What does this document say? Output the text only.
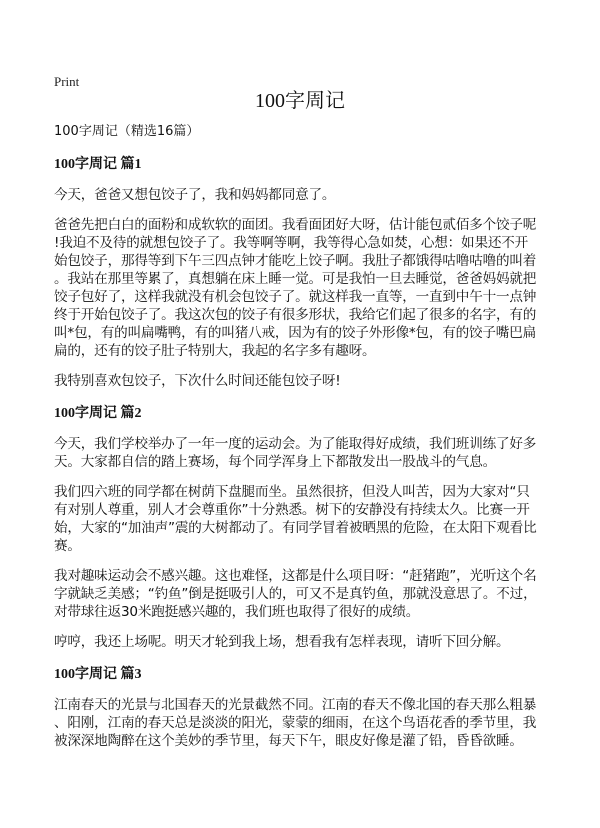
Print
100字周记
100字周记（精选16篇）
100字周记 篇1
今天，爸爸又想包饺子了，我和妈妈都同意了。
爸爸先把白白的面粉和成软软的面团。我看面团好大呀，估计能包贰佰多个饺子呢
!我迫不及待的就想包饺子了。我等啊等啊，我等得心急如焚，心想：如果还不开
始包饺子，那得等到下午三四点钟才能吃上饺子啊。我肚子都饿得咕噜咕噜的叫着
。我站在那里等累了，真想躺在床上睡一觉。可是我怕一旦去睡觉，爸爸妈妈就把
饺子包好了，这样我就没有机会包饺子了。就这样我一直等，一直到中午十一点钟
终于开始包饺子了。我这次包的饺子有很多形状，我给它们起了很多的名字，有的
叫*包，有的叫扁嘴鸭，有的叫猪八戒，因为有的饺子外形像*包，有的饺子嘴巴扁
扁的，还有的饺子肚子特别大，我起的名字多有趣呀。
我特别喜欢包饺子，下次什么时间还能包饺子呀!
100字周记 篇2
今天，我们学校举办了一年一度的运动会。为了能取得好成绩，我们班训练了好多
天。大家都自信的踏上赛场，每个同学浑身上下都散发出一股战斗的气息。
我们四六班的同学都在树荫下盘腿而坐。虽然很挤，但没人叫苦，因为大家对“只
有对别人尊重，别人才会尊重你”十分熟悉。树下的安静没有持续太久。比赛一开
始，大家的“加油声”震的大树都动了。有同学冒着被晒黑的危险，在太阳下观看比
赛。
我对趣味运动会不感兴趣。这也难怪，这都是什么项目呀：“赶猪跑”，光听这个名
字就缺乏美感；“钓鱼”倒是挺吸引人的，可又不是真钓鱼，那就没意思了。不过，
对带球往返30米跑挺感兴趣的，我们班也取得了很好的成绩。
哼哼，我还上场呢。明天才轮到我上场，想看我有怎样表现，请听下回分解。
100字周记 篇3
江南春天的光景与北国春天的光景截然不同。江南的春天不像北国的春天那么粗暴
、阳刚，江南的春天总是淡淡的阳光，蒙蒙的细雨，在这个鸟语花香的季节里，我
被深深地陶醉在这个美妙的季节里，每天下午，眼皮好像是灌了铅，昏昏欲睡。
